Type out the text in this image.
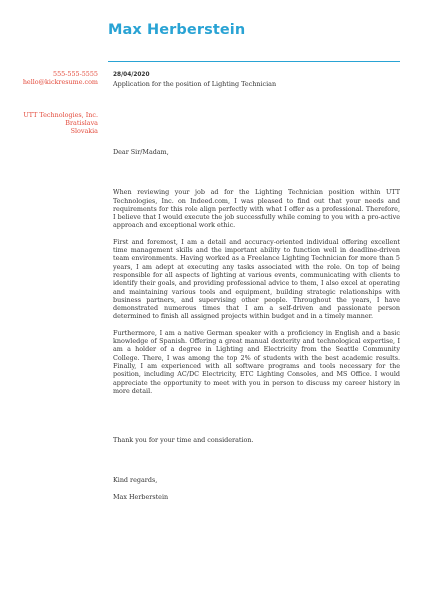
Max Herberstein
555-555-5555
hello@kickresume.com
UTT Technologies, Inc.
Bratislava
Slovakia
28/04/2020
Application for the position of Lighting Technician

Dear Sir/Madam,

When reviewing your job ad for the Lighting Technician position within UTT Technologies, Inc. on Indeed.com, I was pleased to find out that your needs and requirements for this role align perfectly with what I offer as a professional. Therefore, I believe that I would execute the job successfully while coming to you with a pro-active approach and exceptional work ethic.

First and foremost, I am a detail and accuracy-oriented individual offering excellent time management skills and the important ability to function well in deadline-driven team environments. Having worked as a Freelance Lighting Technician for more than 5 years, I am adept at executing any tasks associated with the role. On top of being responsible for all aspects of lighting at various events, communicating with clients to identify their goals, and providing professional advice to them, I also excel at operating and maintaining various tools and equipment, building strategic relationships with business partners, and supervising other people. Throughout the years, I have demonstrated numerous times that I am a self-driven and passionate person determined to finish all assigned projects within budget and in a timely manner.

Furthermore, I am a native German speaker with a proficiency in English and a basic knowledge of Spanish. Offering a great manual dexterity and technological expertise, I am a holder of a degree in Lighting and Electricity from the Seattle Community College. There, I was among the top 2% of students with the best academic results. Finally, I am experienced with all software programs and tools necessary for the position, including AC/DC Electricity, ETC Lighting Consoles, and MS Office. I would appreciate the opportunity to meet with you in person to discuss my career history in more detail.

Thank you for your time and consideration.

Kind regards,

Max Herberstein
